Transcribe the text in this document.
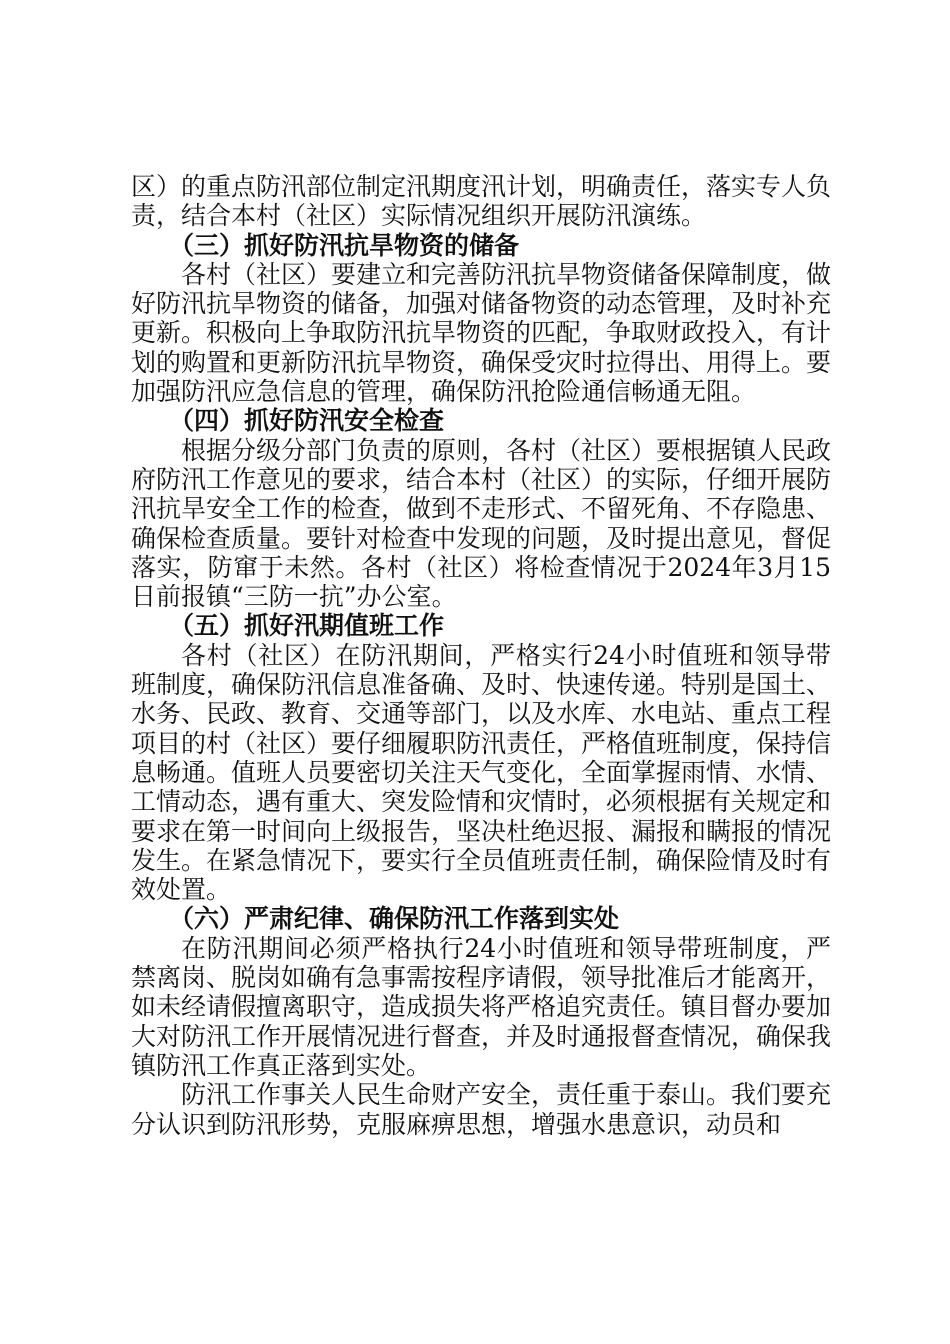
区）的重点防汛部位制定汛期度汛计划，明确责任，落实专人负责，结合本村（社区）实际情况组织开展防汛演练。

（三）抓好防汛抗旱物资的储备

各村（社区）要建立和完善防汛抗旱物资储备保障制度，做好防汛抗旱物资的储备，加强对储备物资的动态管理，及时补充更新。积极向上争取防汛抗旱物资的匹配，争取财政投入，有计划的购置和更新防汛抗旱物资，确保受灾时拉得出、用得上。要加强防汛应急信息的管理，确保防汛抢险通信畅通无阻。

（四）抓好防汛安全检查

根据分级分部门负责的原则，各村（社区）要根据镇人民政府防汛工作意见的要求，结合本村（社区）的实际，仔细开展防汛抗旱安全工作的检查，做到不走形式、不留死角、不存隐患、确保检查质量。要针对检查中发现的问题，及时提出意见，督促落实，防窜于未然。各村（社区）将检查情况于2024年3月15日前报镇“三防一抗”办公室。

（五）抓好汛期值班工作

各村（社区）在防汛期间，严格实行24小时值班和领导带班制度，确保防汛信息准备确、及时、快速传递。特别是国土、水务、民政、教育、交通等部门，以及水库、水电站、重点工程项目的村（社区）要仔细履职防汛责任，严格值班制度，保持信息畅通。值班人员要密切关注天气变化，全面掌握雨情、水情、工情动态，遇有重大、突发险情和灾情时，必须根据有关规定和要求在第一时间向上级报告，坚决杜绝迟报、漏报和瞒报的情况发生。在紧急情况下，要实行全员值班责任制，确保险情及时有效处置。

（六）严肃纪律、确保防汛工作落到实处

在防汛期间必须严格执行24小时值班和领导带班制度，严禁离岗、脱岗如确有急事需按程序请假，领导批准后才能离开，如未经请假擅离职守，造成损失将严格追究责任。镇目督办要加大对防汛工作开展情况进行督查，并及时通报督查情况，确保我镇防汛工作真正落到实处。

防汛工作事关人民生命财产安全，责任重于泰山。我们要充分认识到防汛形势，克服麻痹思想，增强水患意识，动员和
